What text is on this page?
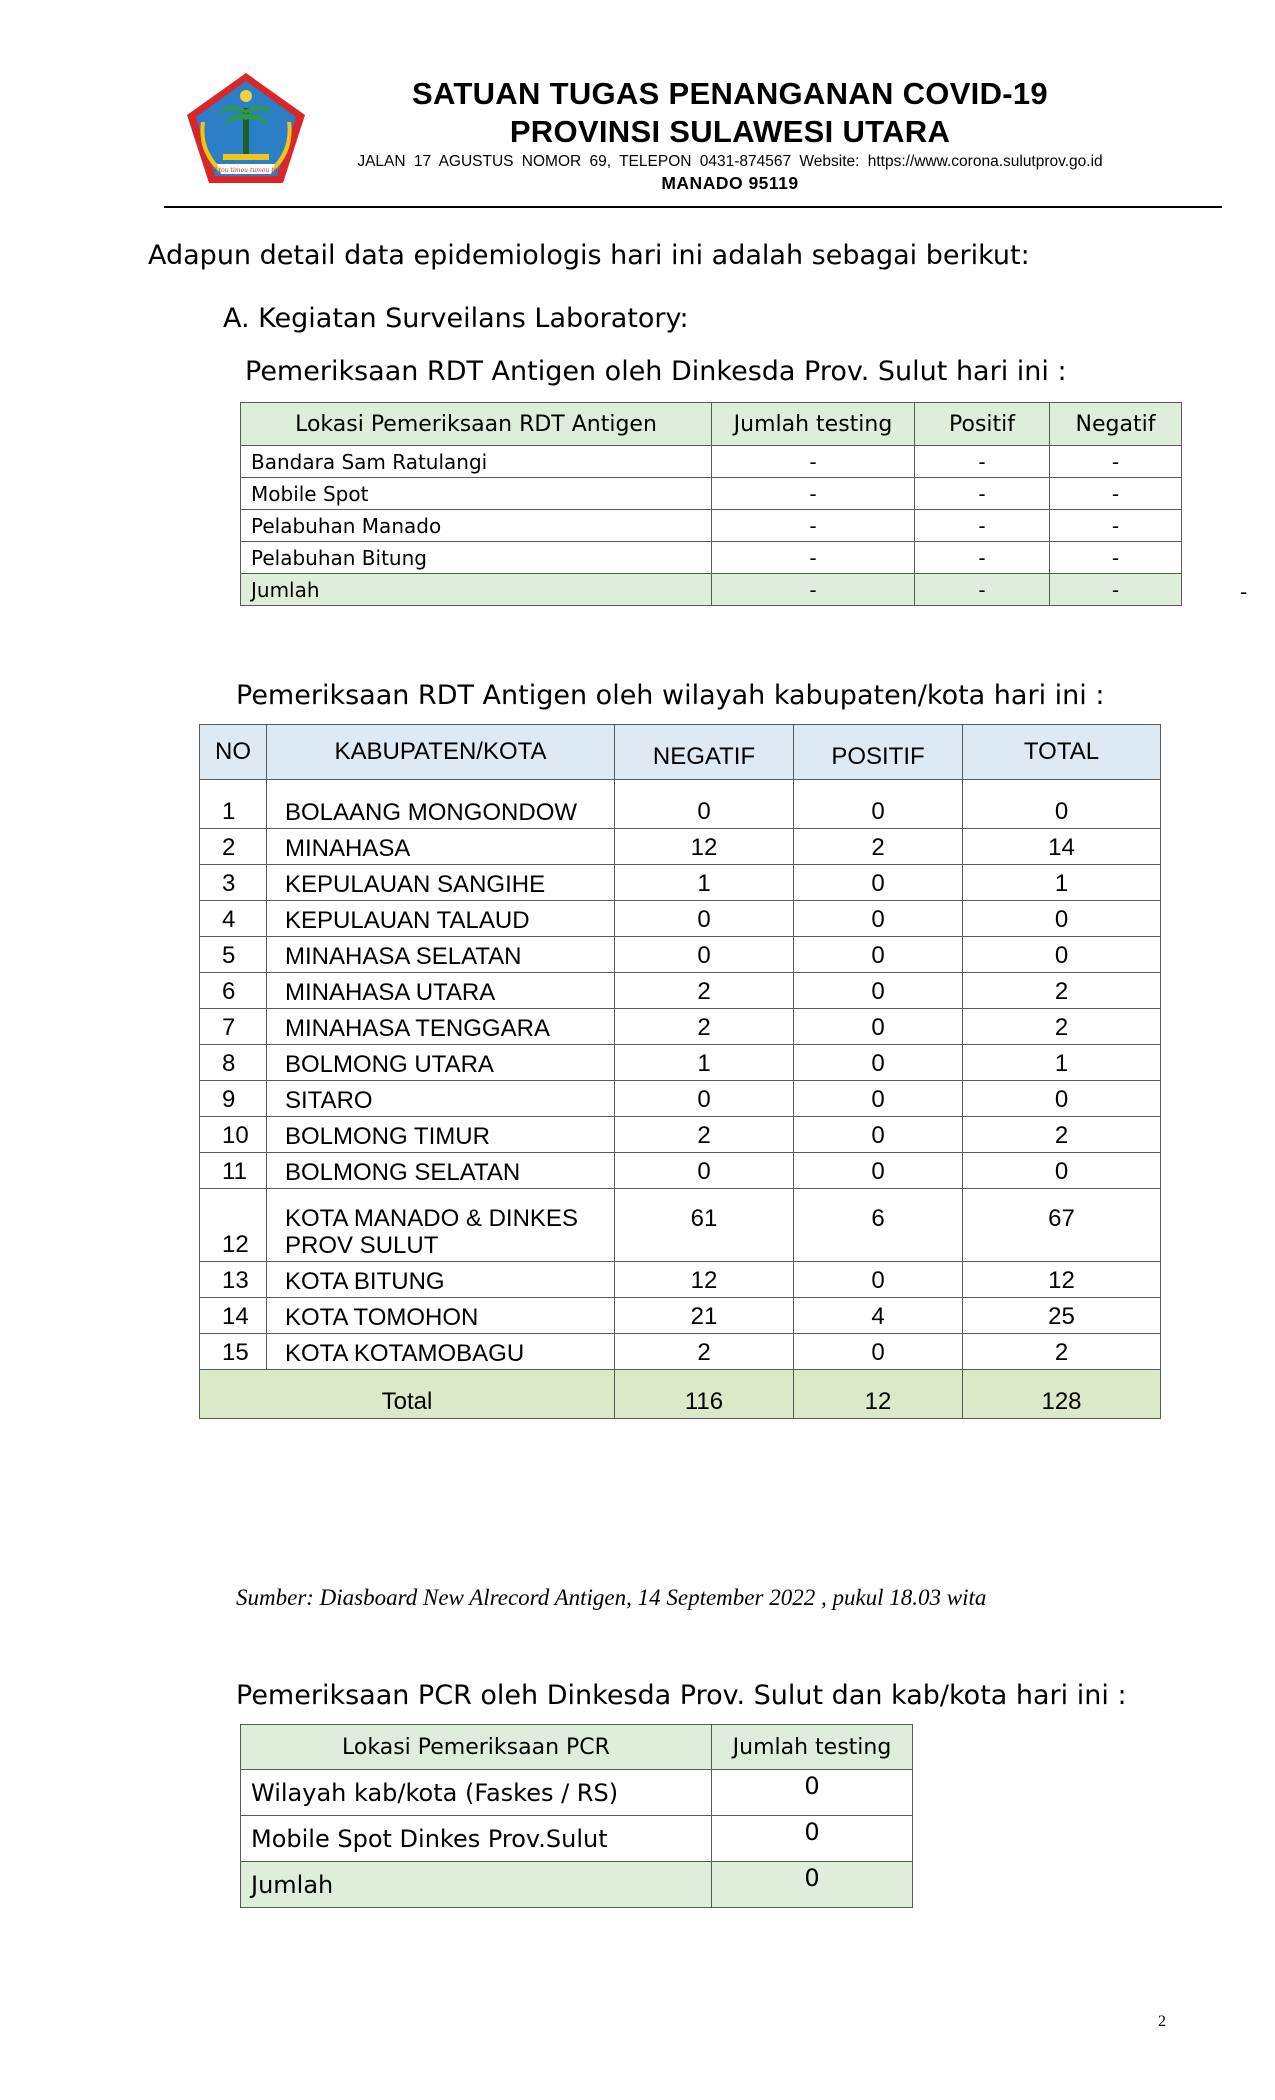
Si tou timou tumou tou
SATUAN TUGAS PENANGANAN COVID-19
PROVINSI SULAWESI UTARA
JALAN 17 AGUSTUS NOMOR 69, TELEPON 0431-874567 Website: https://www.corona.sulutprov.go.id
MANADO 95119
Adapun detail data epidemiologis hari ini adalah sebagai berikut:
A. Kegiatan Surveilans Laboratory:
Pemeriksaan RDT Antigen oleh Dinkesda Prov. Sulut hari ini :
Lokasi Pemeriksaan RDT Antigen	Jumlah testing	Positif	Negatif
Bandara Sam Ratulangi	-	-	-
Mobile Spot	-	-	-
Pelabuhan Manado	-	-	-
Pelabuhan Bitung	-	-	-
Jumlah	-	-	-	-
Pemeriksaan RDT Antigen oleh wilayah kabupaten/kota hari ini :
NO	KABUPATEN/KOTA	NEGATIF	POSITIF	TOTAL
1	BOLAANG MONGONDOW	0	0	0
2	MINAHASA	12	2	14
3	KEPULAUAN SANGIHE	1	0	1
4	KEPULAUAN TALAUD	0	0	0
5	MINAHASA SELATAN	0	0	0
6	MINAHASA UTARA	2	0	2
7	MINAHASA TENGGARA	2	0	2
8	BOLMONG UTARA	1	0	1
9	SITARO	0	0	0
10	BOLMONG TIMUR	2	0	2
11	BOLMONG SELATAN	0	0	0
12	KOTA MANADO & DINKES PROV SULUT	61	6	67
13	KOTA BITUNG	12	0	12
14	KOTA TOMOHON	21	4	25
15	KOTA KOTAMOBAGU	2	0	2
Total		116	12	128
Sumber: Diasboard New Alrecord Antigen, 14 September 2022 , pukul 18.03 wita
Pemeriksaan PCR oleh Dinkesda Prov. Sulut dan kab/kota hari ini :
Lokasi Pemeriksaan PCR	Jumlah testing
Wilayah kab/kota (Faskes / RS)	0
Mobile Spot Dinkes Prov.Sulut	0
Jumlah	0
2
